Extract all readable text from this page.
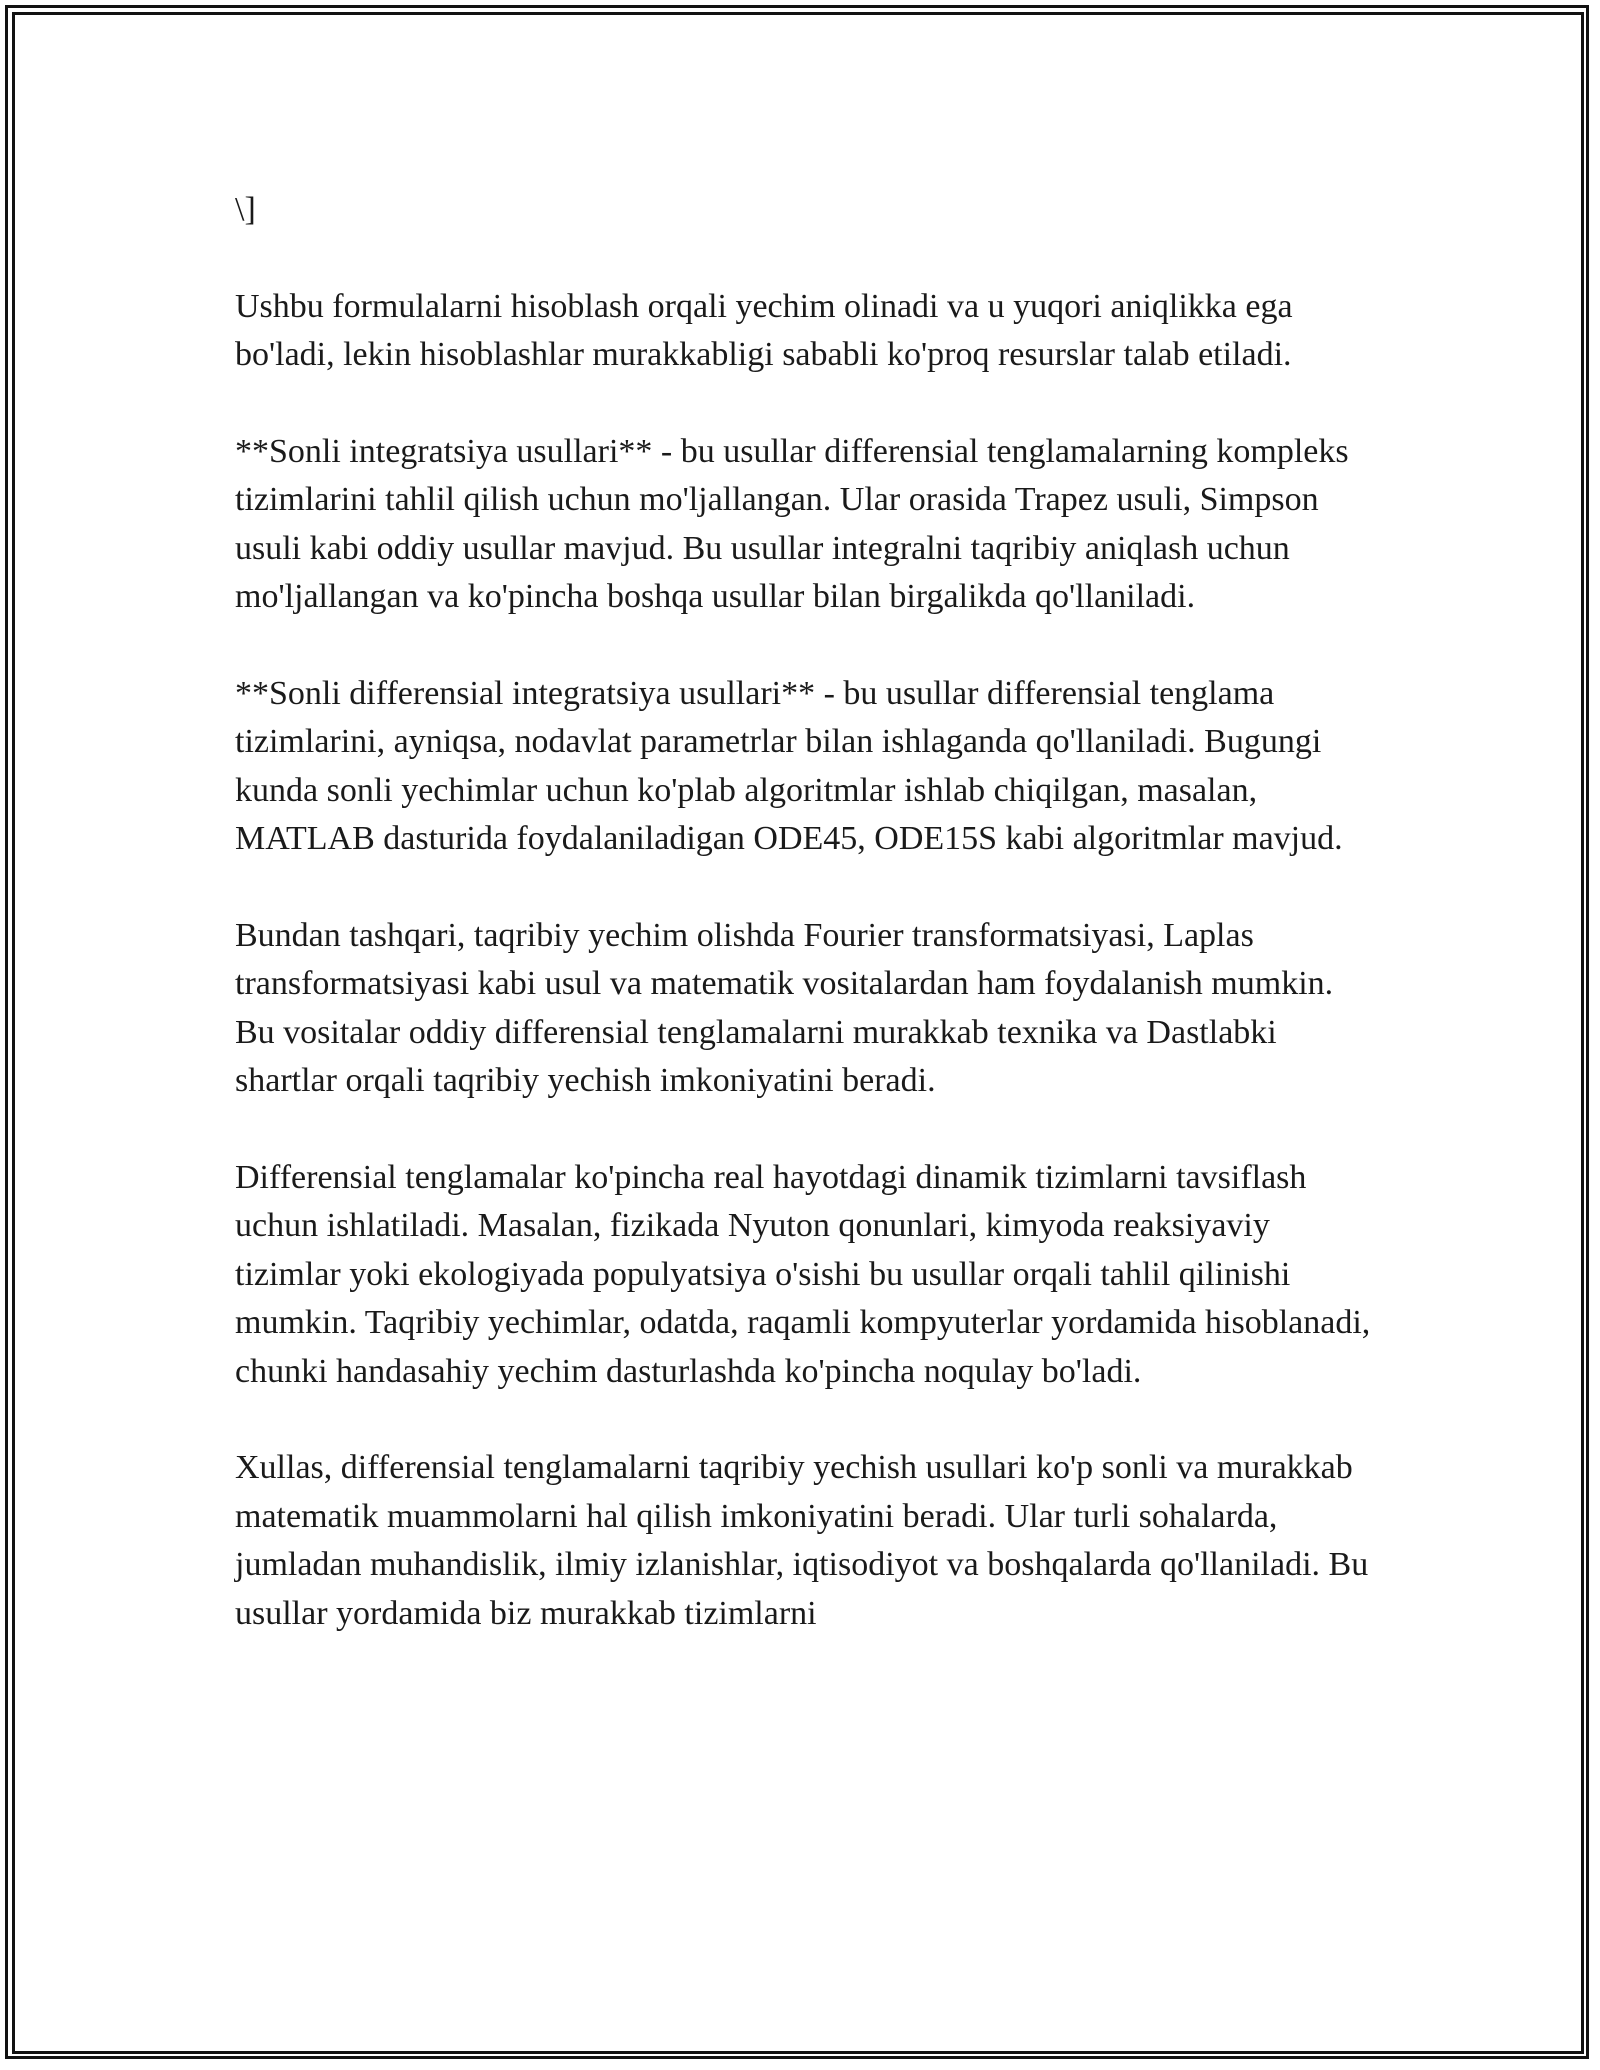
\]

Ushbu formulalarni hisoblash orqali yechim olinadi va u yuqori aniqlikka ega bo'ladi, lekin hisoblashlar murakkabligi sababli ko'proq resurslar talab etiladi.

**Sonli integratsiya usullari** - bu usullar differensial tenglamalarning kompleks tizimlarini tahlil qilish uchun mo'ljallangan. Ular orasida Trapez usuli, Simpson usuli kabi oddiy usullar mavjud. Bu usullar integralni taqribiy aniqlash uchun mo'ljallangan va ko'pincha boshqa usullar bilan birgalikda qo'llaniladi.

**Sonli differensial integratsiya usullari** - bu usullar differensial tenglama tizimlarini, ayniqsa, nodavlat parametrlar bilan ishlaganda qo'llaniladi. Bugungi kunda sonli yechimlar uchun ko'plab algoritmlar ishlab chiqilgan, masalan, MATLAB dasturida foydalaniladigan ODE45, ODE15S kabi algoritmlar mavjud.

Bundan tashqari, taqribiy yechim olishda Fourier transformatsiyasi, Laplas transformatsiyasi kabi usul va matematik vositalardan ham foydalanish mumkin. Bu vositalar oddiy differensial tenglamalarni murakkab texnika va Dastlabki shartlar orqali taqribiy yechish imkoniyatini beradi.

Differensial tenglamalar ko'pincha real hayotdagi dinamik tizimlarni tavsiflash uchun ishlatiladi. Masalan, fizikada Nyuton qonunlari, kimyoda reaksiyaviy tizimlar yoki ekologiyada populyatsiya o'sishi bu usullar orqali tahlil qilinishi mumkin. Taqribiy yechimlar, odatda, raqamli kompyuterlar yordamida hisoblanadi, chunki handasahiy yechim dasturlashda ko'pincha noqulay bo'ladi.

Xullas, differensial tenglamalarni taqribiy yechish usullari ko'p sonli va murakkab matematik muammolarni hal qilish imkoniyatini beradi. Ular turli sohalarda, jumladan muhandislik, ilmiy izlanishlar, iqtisodiyot va boshqalarda qo'llaniladi. Bu usullar yordamida biz murakkab tizimlarni
